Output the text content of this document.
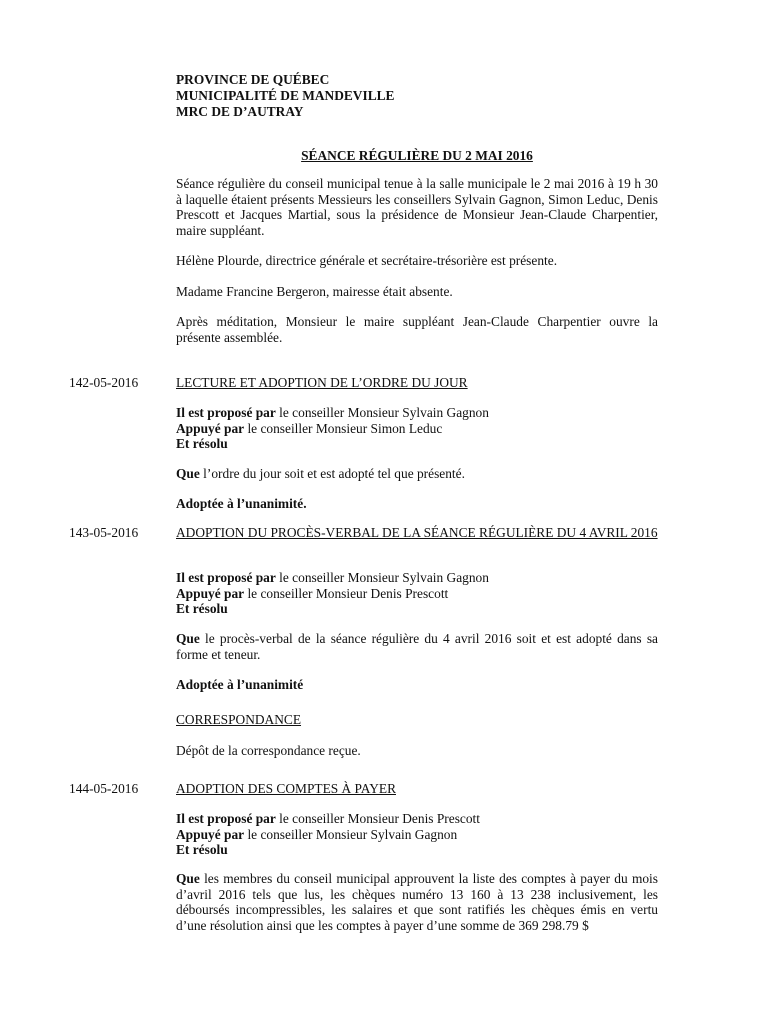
PROVINCE DE QUÉBEC
MUNICIPALITÉ DE MANDEVILLE
MRC DE D’AUTRAY
SÉANCE RÉGULIÈRE DU 2 MAI 2016

Séance régulière du conseil municipal tenue à la salle municipale le 2 mai 2016 à 19 h 30 à laquelle étaient présents Messieurs les conseillers Sylvain Gagnon, Simon Leduc, Denis Prescott et Jacques Martial, sous la présidence de Monsieur Jean-Claude Charpentier, maire suppléant.

Hélène Plourde, directrice générale et secrétaire-trésorière est présente.

Madame Francine Bergeron, mairesse était absente.

Après méditation, Monsieur le maire suppléant Jean-Claude Charpentier ouvre la présente assemblée.

142-05-2016	LECTURE ET ADOPTION DE L’ORDRE DU JOUR
Il est proposé par le conseiller Monsieur Sylvain Gagnon
Appuyé par le conseiller Monsieur Simon Leduc
Et résolu
Que l’ordre du jour soit et est adopté tel que présenté.
Adoptée à l’unanimité.
143-05-2016	ADOPTION DU PROCÈS-VERBAL DE LA SÉANCE RÉGULIÈRE DU 4 AVRIL 2016
Il est proposé par le conseiller Monsieur Sylvain Gagnon
Appuyé par le conseiller Monsieur Denis Prescott
Et résolu
Que le procès-verbal de la séance régulière du 4 avril 2016 soit et est adopté dans sa forme et teneur.
Adoptée à l’unanimité
CORRESPONDANCE
Dépôt de la correspondance reçue.
144-05-2016	ADOPTION DES COMPTES À PAYER
Il est proposé par le conseiller Monsieur Denis Prescott
Appuyé par le conseiller Monsieur Sylvain Gagnon
Et résolu
Que les membres du conseil municipal approuvent la liste des comptes à payer du mois d’avril 2016 tels que lus, les chèques numéro 13 160 à 13 238 inclusivement, les déboursés incompressibles, les salaires et que sont ratifiés les chèques émis en vertu d’une résolution ainsi que les comptes à payer d’une somme de 369 298.79 $
